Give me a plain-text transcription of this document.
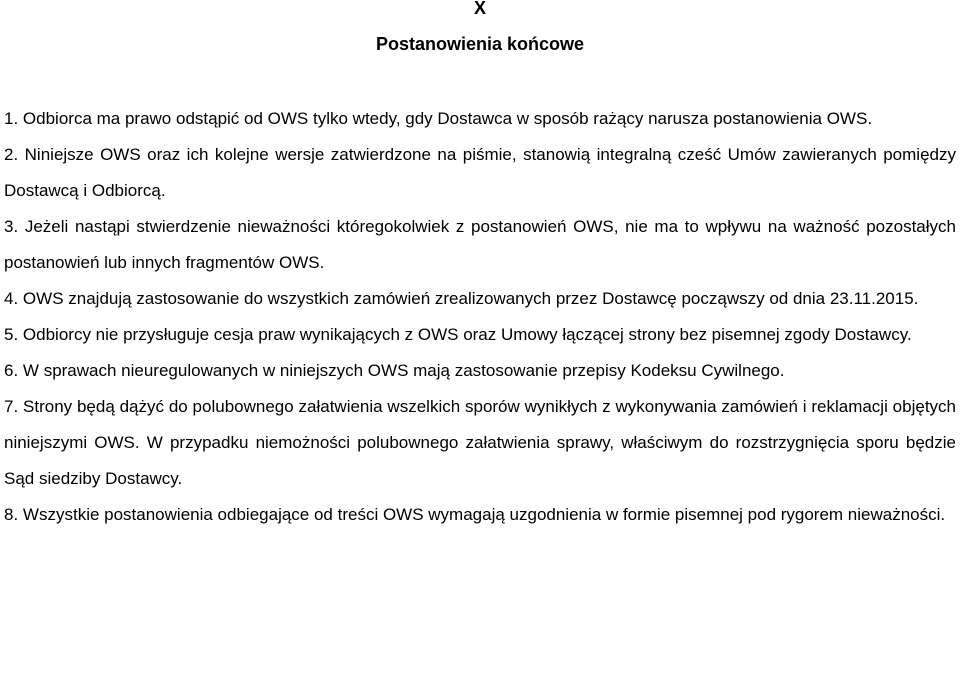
X
Postanowienia końcowe

1. Odbiorca ma prawo odstąpić od OWS tylko wtedy, gdy Dostawca w sposób rażący narusza postanowienia OWS.

2. Niniejsze OWS oraz ich kolejne wersje zatwierdzone na piśmie, stanowią integralną cześć Umów zawieranych pomiędzy Dostawcą i Odbiorcą.

3. Jeżeli nastąpi stwierdzenie nieważności któregokolwiek z postanowień OWS, nie ma to wpływu na ważność pozostałych postanowień lub innych fragmentów OWS.

4. OWS znajdują zastosowanie do wszystkich zamówień zrealizowanych przez Dostawcę począwszy od dnia 23.11.2015.

5. Odbiorcy nie przysługuje cesja praw wynikających z OWS oraz Umowy łączącej strony bez pisemnej zgody Dostawcy.

6. W sprawach nieuregulowanych w niniejszych OWS mają zastosowanie przepisy Kodeksu Cywilnego.

7. Strony będą dążyć do polubownego załatwienia wszelkich sporów wynikłych z wykonywania zamówień i reklamacji objętych niniejszymi OWS. W przypadku niemożności polubownego załatwienia sprawy, właściwym do rozstrzygnięcia sporu będzie Sąd siedziby Dostawcy.

8. Wszystkie postanowienia odbiegające od treści OWS wymagają uzgodnienia w formie pisemnej pod rygorem nieważności.
